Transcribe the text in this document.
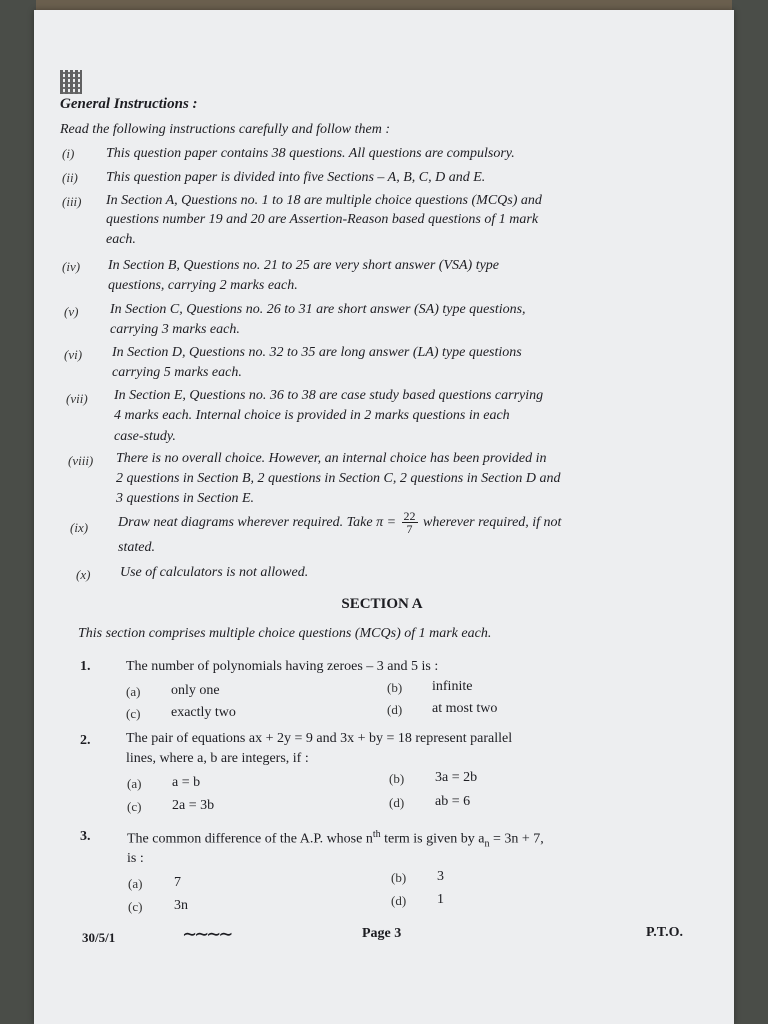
General Instructions :
Read the following instructions carefully and follow them :
(i) This question paper contains 38 questions. All questions are compulsory.
(ii) This question paper is divided into five Sections – A, B, C, D and E.
(iii) In Section A, Questions no. 1 to 18 are multiple choice questions (MCQs) and
questions number 19 and 20 are Assertion-Reason based questions of 1 mark
each.
(iv) In Section B, Questions no. 21 to 25 are very short answer (VSA) type
questions, carrying 2 marks each.
(v) In Section C, Questions no. 26 to 31 are short answer (SA) type questions,
carrying 3 marks each.
(vi) In Section D, Questions no. 32 to 35 are long answer (LA) type questions
carrying 5 marks each.
(vii) In Section E, Questions no. 36 to 38 are case study based questions carrying
4 marks each. Internal choice is provided in 2 marks questions in each
case-study.
(viii) There is no overall choice. However, an internal choice has been provided in
2 questions in Section B, 2 questions in Section C, 2 questions in Section D and
3 questions in Section E.
(ix) Draw neat diagrams wherever required. Take $\pi = \frac{22}{7}$ wherever required, if not
stated.
(x) Use of calculators is not allowed.
SECTION A
This section comprises multiple choice questions (MCQs) of 1 mark each.
1.	The number of polynomials having zeroes – 3 and 5 is :
(a) only one	(b) infinite
(c) exactly two	(d) at most two
2.	The pair of equations ax + 2y = 9 and 3x + by = 18 represent parallel
lines, where a, b are integers, if :
(a) a = b	(b) 3a = 2b
(c) 2a = 3b	(d) ab = 6
3.	The common difference of the A.P. whose $n^{th}$ term is given by $a_n = 3n + 7$,
is :
(a) 7	(b) 3
(c) 3n	(d) 1
30/5/1	∼∼∼∼	Page 3	P.T.O.
